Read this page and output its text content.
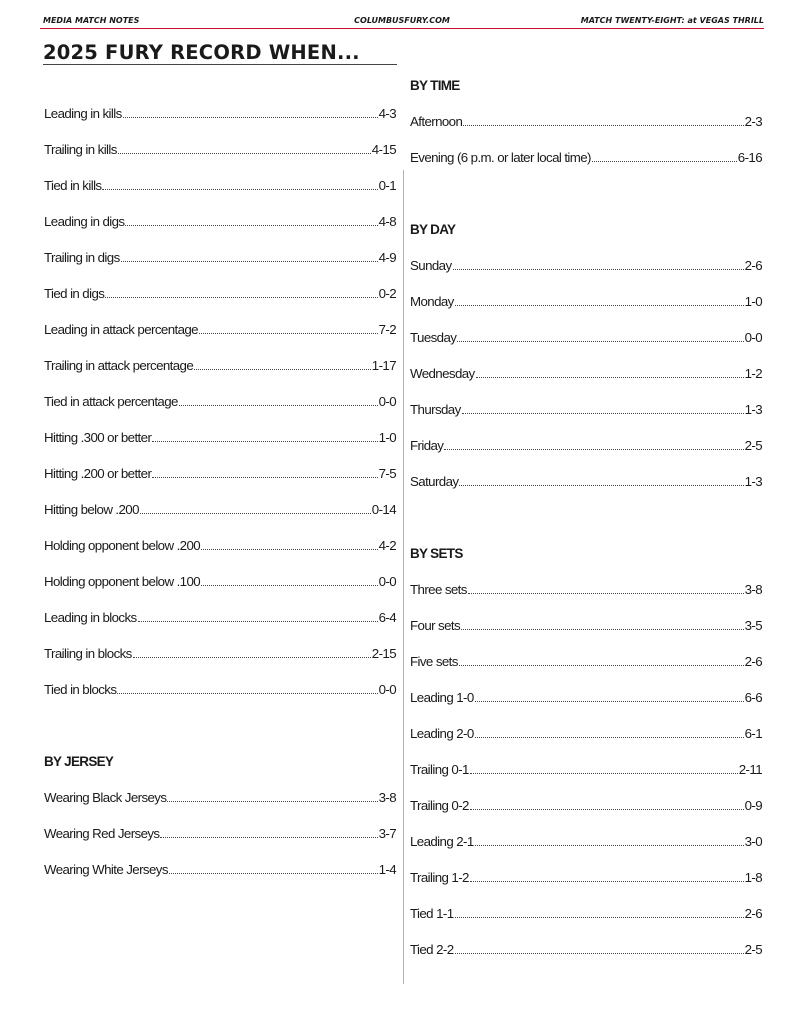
MEDIA MATCH NOTES	COLUMBUSFURY.COM	MATCH TWENTY-EIGHT: at VEGAS THRILL
2025 FURY RECORD WHEN...
Leading in kills	4-3
Trailing in kills	4-15
Tied in kills	0-1
Leading in digs	4-8
Trailing in digs	4-9
Tied in digs	0-2
Leading in attack percentage	7-2
Trailing in attack percentage	1-17
Tied in attack percentage	0-0
Hitting .300 or better	1-0
Hitting .200 or better	7-5
Hitting below .200	0-14
Holding opponent below .200	4-2
Holding opponent below .100	0-0
Leading in blocks	6-4
Trailing in blocks	2-15
Tied in blocks	0-0
BY JERSEY
Wearing Black Jerseys	3-8
Wearing Red Jerseys	3-7
Wearing White Jerseys	1-4
BY TIME
Afternoon	2-3
Evening (6 p.m. or later local time)	6-16
BY DAY
Sunday	2-6
Monday	1-0
Tuesday	0-0
Wednesday	1-2
Thursday	1-3
Friday	2-5
Saturday	1-3
BY SETS
Three sets	3-8
Four sets	3-5
Five sets	2-6
Leading 1-0	6-6
Leading 2-0	6-1
Trailing 0-1	2-11
Trailing 0-2	0-9
Leading 2-1	3-0
Trailing 1-2	1-8
Tied 1-1	2-6
Tied 2-2	2-5
